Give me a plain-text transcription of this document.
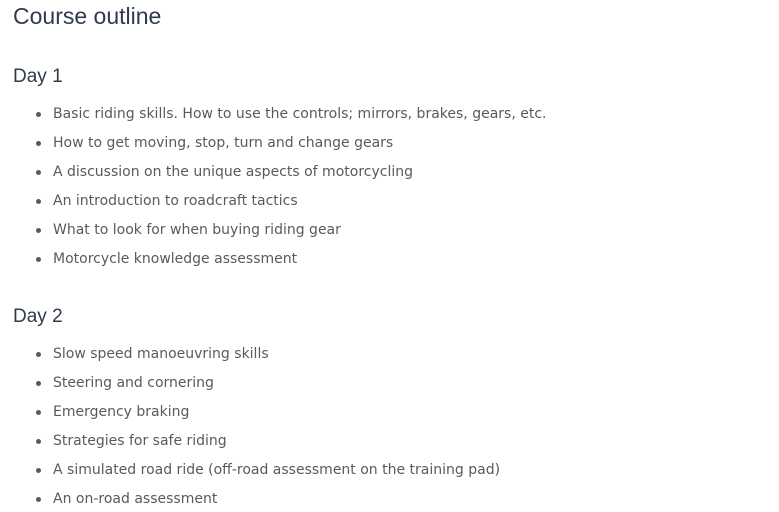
Course outline
Day 1
Basic riding skills. How to use the controls; mirrors, brakes, gears, etc.
How to get moving, stop, turn and change gears
A discussion on the unique aspects of motorcycling
An introduction to roadcraft tactics
What to look for when buying riding gear
Motorcycle knowledge assessment
Day 2
Slow speed manoeuvring skills
Steering and cornering
Emergency braking
Strategies for safe riding
A simulated road ride (off-road assessment on the training pad)
An on-road assessment
